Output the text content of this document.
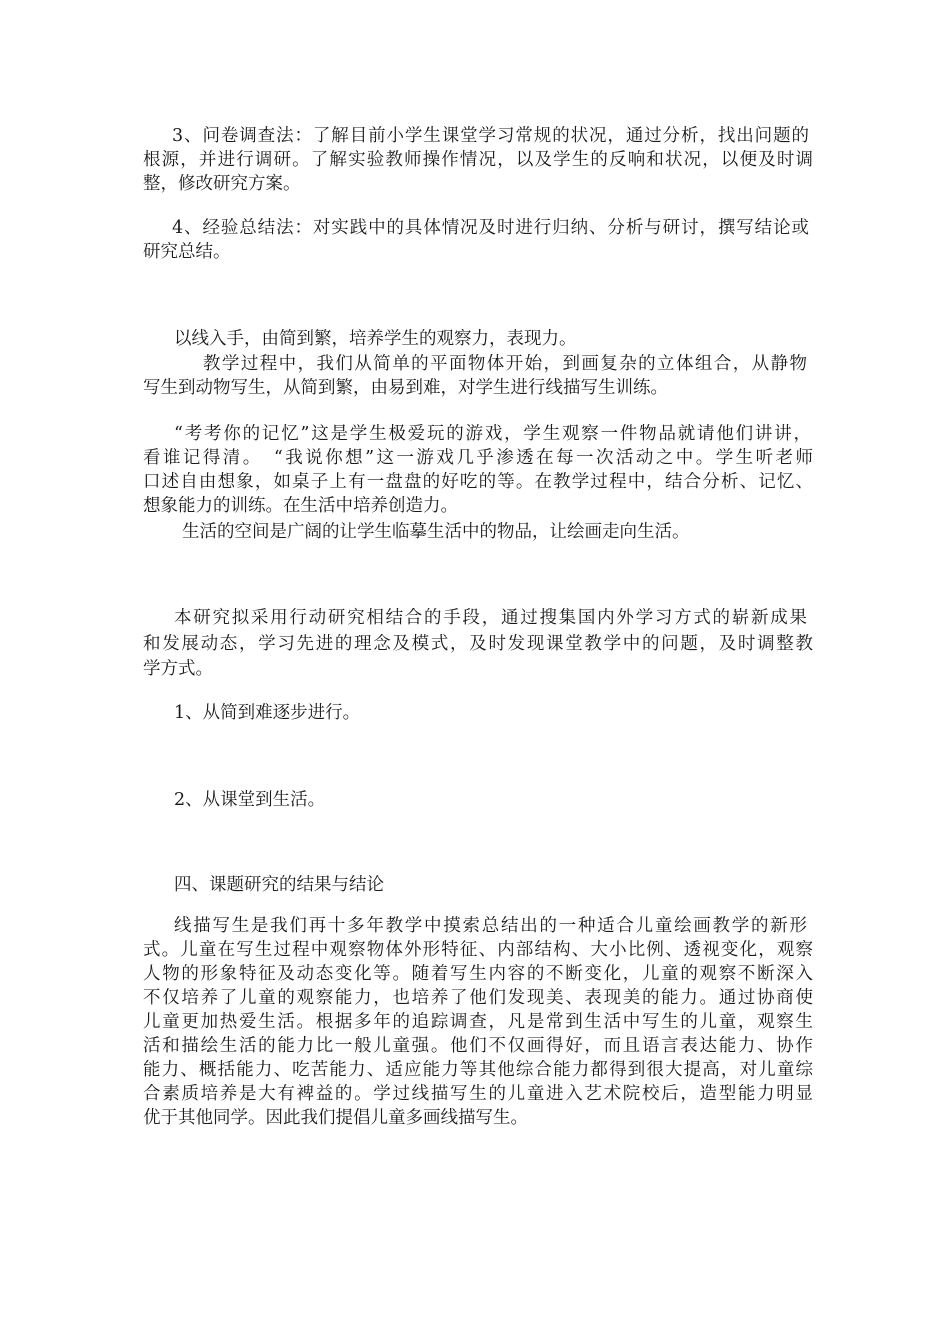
3、问卷调查法：了解目前小学生课堂学习常规的状况，通过分析，找出问题的
根源，并进行调研。了解实验教师操作情况，以及学生的反响和状况，以便及时调
整，修改研究方案。
4、经验总结法：对实践中的具体情况及时进行归纳、分析与研讨，撰写结论或
研究总结。
以线入手，由简到繁，培养学生的观察力，表现力。
教学过程中，我们从简单的平面物体开始，到画复杂的立体组合，从静物
写生到动物写生，从简到繁，由易到难，对学生进行线描写生训练。
“考考你的记忆”这是学生极爱玩的游戏，学生观察一件物品就请他们讲讲，
看谁记得清。　“我说你想”这一游戏几乎渗透在每一次活动之中。学生听老师
口述自由想象，如桌子上有一盘盘的好吃的等。在教学过程中，结合分析、记忆、
想象能力的训练。在生活中培养创造力。
生活的空间是广阔的让学生临摹生活中的物品，让绘画走向生活。
本研究拟采用行动研究相结合的手段，通过搜集国内外学习方式的崭新成果
和发展动态，学习先进的理念及模式，及时发现课堂教学中的问题，及时调整教
学方式。
1、从简到难逐步进行。
2、从课堂到生活。
四、课题研究的结果与结论
线描写生是我们再十多年教学中摸索总结出的一种适合儿童绘画教学的新形
式。儿童在写生过程中观察物体外形特征、内部结构、大小比例、透视变化，观察
人物的形象特征及动态变化等。随着写生内容的不断变化，儿童的观察不断深入
不仅培养了儿童的观察能力，也培养了他们发现美、表现美的能力。通过协商使
儿童更加热爱生活。根据多年的追踪调查，凡是常到生活中写生的儿童，观察生
活和描绘生活的能力比一般儿童强。他们不仅画得好，而且语言表达能力、协作
能力、概括能力、吃苦能力、适应能力等其他综合能力都得到很大提高，对儿童综
合素质培养是大有裨益的。学过线描写生的儿童进入艺术院校后，造型能力明显
优于其他同学。因此我们提倡儿童多画线描写生。
